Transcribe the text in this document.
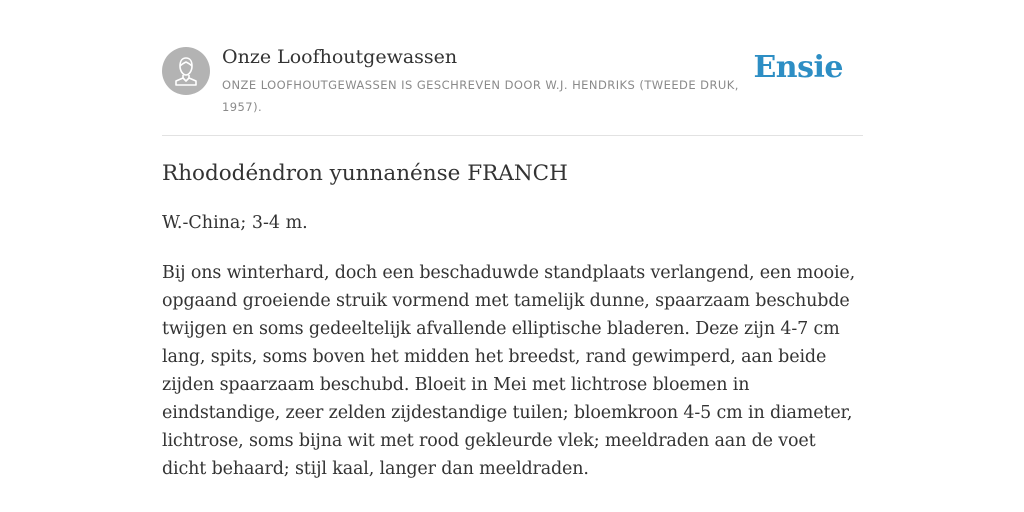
Onze Loofhoutgewassen
ONZE LOOFHOUTGEWASSEN IS GESCHREVEN DOOR W.J. HENDRIKS (TWEEDE DRUK, 1957).
Ensie
Rhododéndron yunnanénse FRANCH

W.-China; 3-4 m.

Bij ons winterhard, doch een beschaduwde standplaats verlangend, een mooie, opgaand groeiende struik vormend met tamelijk dunne, spaarzaam beschubde twijgen en soms gedeeltelijk afvallende elliptische bladeren. Deze zijn 4-7 cm lang, spits, soms boven het midden het breedst, rand gewimperd, aan beide zijden spaarzaam beschubd. Bloeit in Mei met lichtrose bloemen in eindstandige, zeer zelden zijdestandige tuilen; bloemkroon 4-5 cm in diameter, lichtrose, soms bijna wit met rood gekleurde vlek; meeldraden aan de voet dicht behaard; stijl kaal, langer dan meeldraden.
